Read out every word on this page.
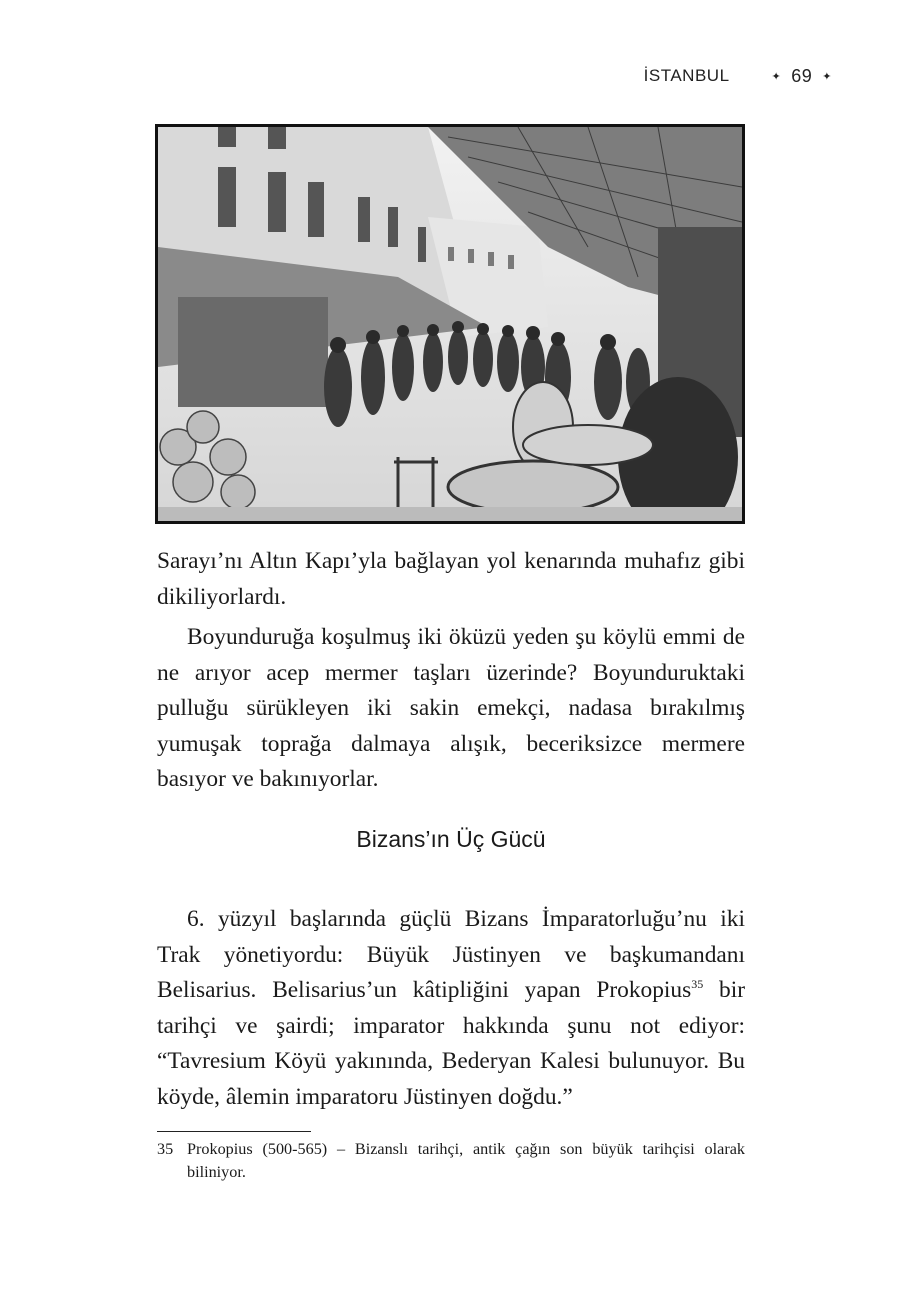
İSTANBUL	✦ 69 ✦

Sarayı’nı Altın Kapı’yla bağlayan yol kenarında muhafız gibi dikiliyorlardı.

Boyunduruğa koşulmuş iki öküzü yeden şu köylü emmi de ne arıyor acep mermer taşları üzerinde? Boyunduruktaki pulluğu sürükleyen iki sakin emekçi, nadasa bırakılmış yumuşak toprağa dalmaya alışık, beceriksizce mermere basıyor ve bakınıyorlar.

Bizans’ın Üç Gücü

6. yüzyıl başlarında güçlü Bizans İmparatorluğu’nu iki Trak yönetiyordu: Büyük Jüstinyen ve başkumandanı Belisarius. Belisarius’un kâtipliğini yapan Prokopius$^{35}$ bir tarihçi ve şairdi; imparator hakkında şunu not ediyor: “Tavresium Köyü yakınında, Bederyan Kalesi bulunuyor. Bu köyde, âlemin imparatoru Jüstinyen doğdu.”

35 Prokopius (500-565) – Bizanslı tarihçi, antik çağın son büyük tarihçisi olarak biliniyor.
